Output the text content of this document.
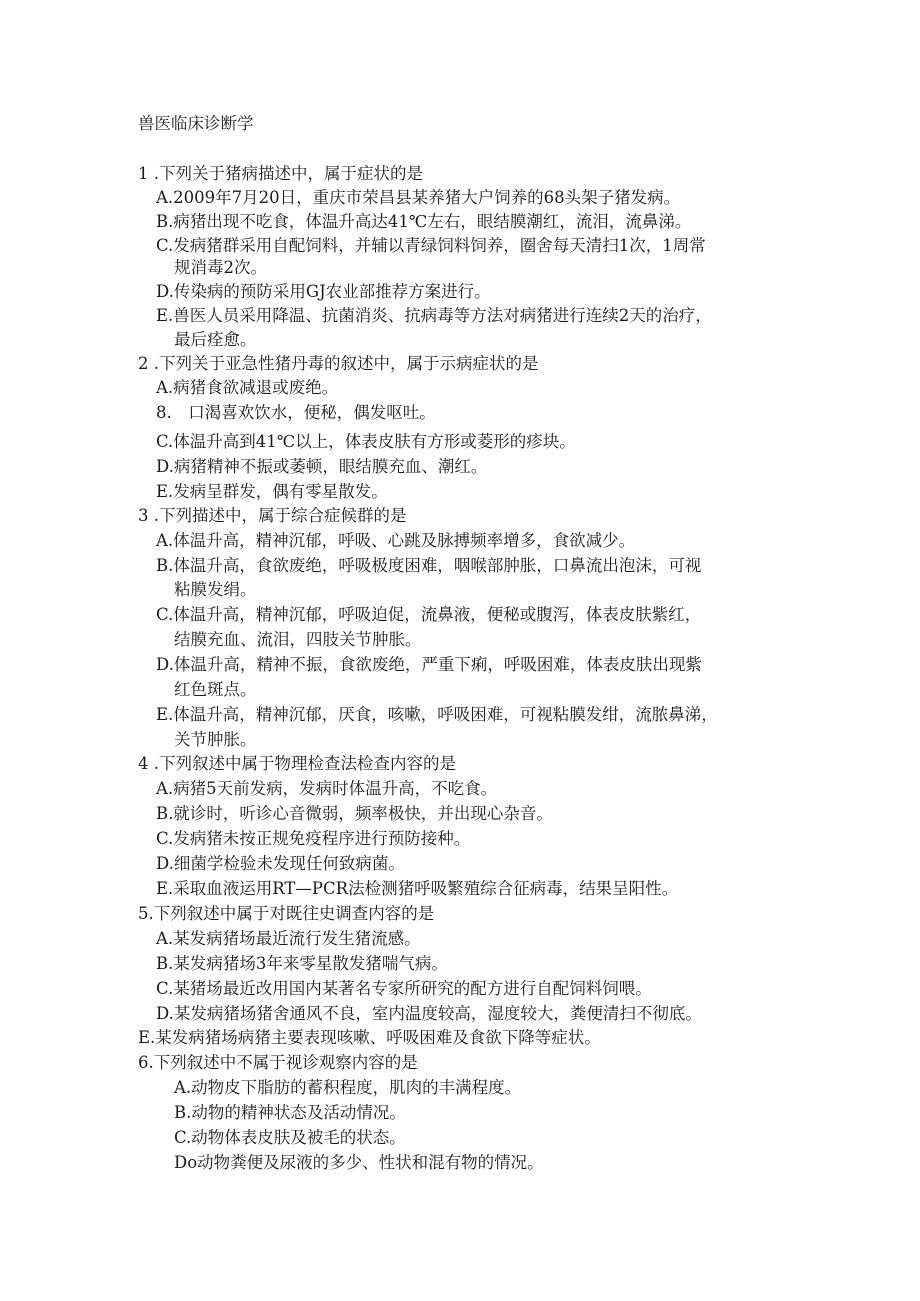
兽医临床诊断学
1 .下列关于猪病描述中，属于症状的是
A.2009年7月20日，重庆市荣昌县某养猪大户饲养的68头架子猪发病。
B.病猪出现不吃食，体温升高达41℃左右，眼结膜潮红，流泪，流鼻涕。
C.发病猪群采用自配饲料，并辅以青绿饲料饲养，圈舍每天清扫1次，1周常
规消毒2次。
D.传染病的预防采用GJ农业部推荐方案进行。
E.兽医人员采用降温、抗菌消炎、抗病毒等方法对病猪进行连续2天的治疗，
最后痊愈。
2 .下列关于亚急性猪丹毒的叙述中，属于示病症状的是
A.病猪食欲减退或废绝。
8.　口渴喜欢饮水，便秘，偶发呕吐。
C.体温升高到41℃以上，体表皮肤有方形或菱形的疹块。
D.病猪精神不振或萎顿，眼结膜充血、潮红。
E.发病呈群发，偶有零星散发。
3 .下列描述中，属于综合症候群的是
A.体温升高，精神沉郁，呼吸、心跳及脉搏频率增多，食欲减少。
B.体温升高，食欲废绝，呼吸极度困难，咽喉部肿胀，口鼻流出泡沫，可视
粘膜发绢。
C.体温升高，精神沉郁，呼吸迫促，流鼻液，便秘或腹泻，体表皮肤紫红，
结膜充血、流泪，四肢关节肿胀。
D.体温升高，精神不振，食欲废绝，严重下痢，呼吸困难，体表皮肤出现紫
红色斑点。
E.体温升高，精神沉郁，厌食，咳嗽，呼吸困难，可视粘膜发绀，流脓鼻涕，
关节肿胀。
4 .下列叙述中属于物理检查法检查内容的是
A.病猪5天前发病，发病时体温升高，不吃食。
B.就诊时，听诊心音微弱，频率极快，并出现心杂音。
C.发病猪未按正规免疫程序进行预防接种。
D.细菌学检验未发现任何致病菌。
E.采取血液运用RT—PCR法检测猪呼吸繁殖综合征病毒，结果呈阳性。
5.下列叙述中属于对既往史调查内容的是
A.某发病猪场最近流行发生猪流感。
B.某发病猪场3年来零星散发猪喘气病。
C.某猪场最近改用国内某著名专家所研究的配方进行自配饲料饲喂。
D.某发病猪场猪舍通风不良，室内温度较高，湿度较大，粪便清扫不彻底。
E.某发病猪场病猪主要表现咳嗽、呼吸困难及食欲下降等症状。
6.下列叙述中不属于视诊观察内容的是
A.动物皮下脂肪的蓄积程度，肌肉的丰满程度。
B.动物的精神状态及活动情况。
C.动物体表皮肤及被毛的状态。
Do动物粪便及尿液的多少、性状和混有物的情况。
